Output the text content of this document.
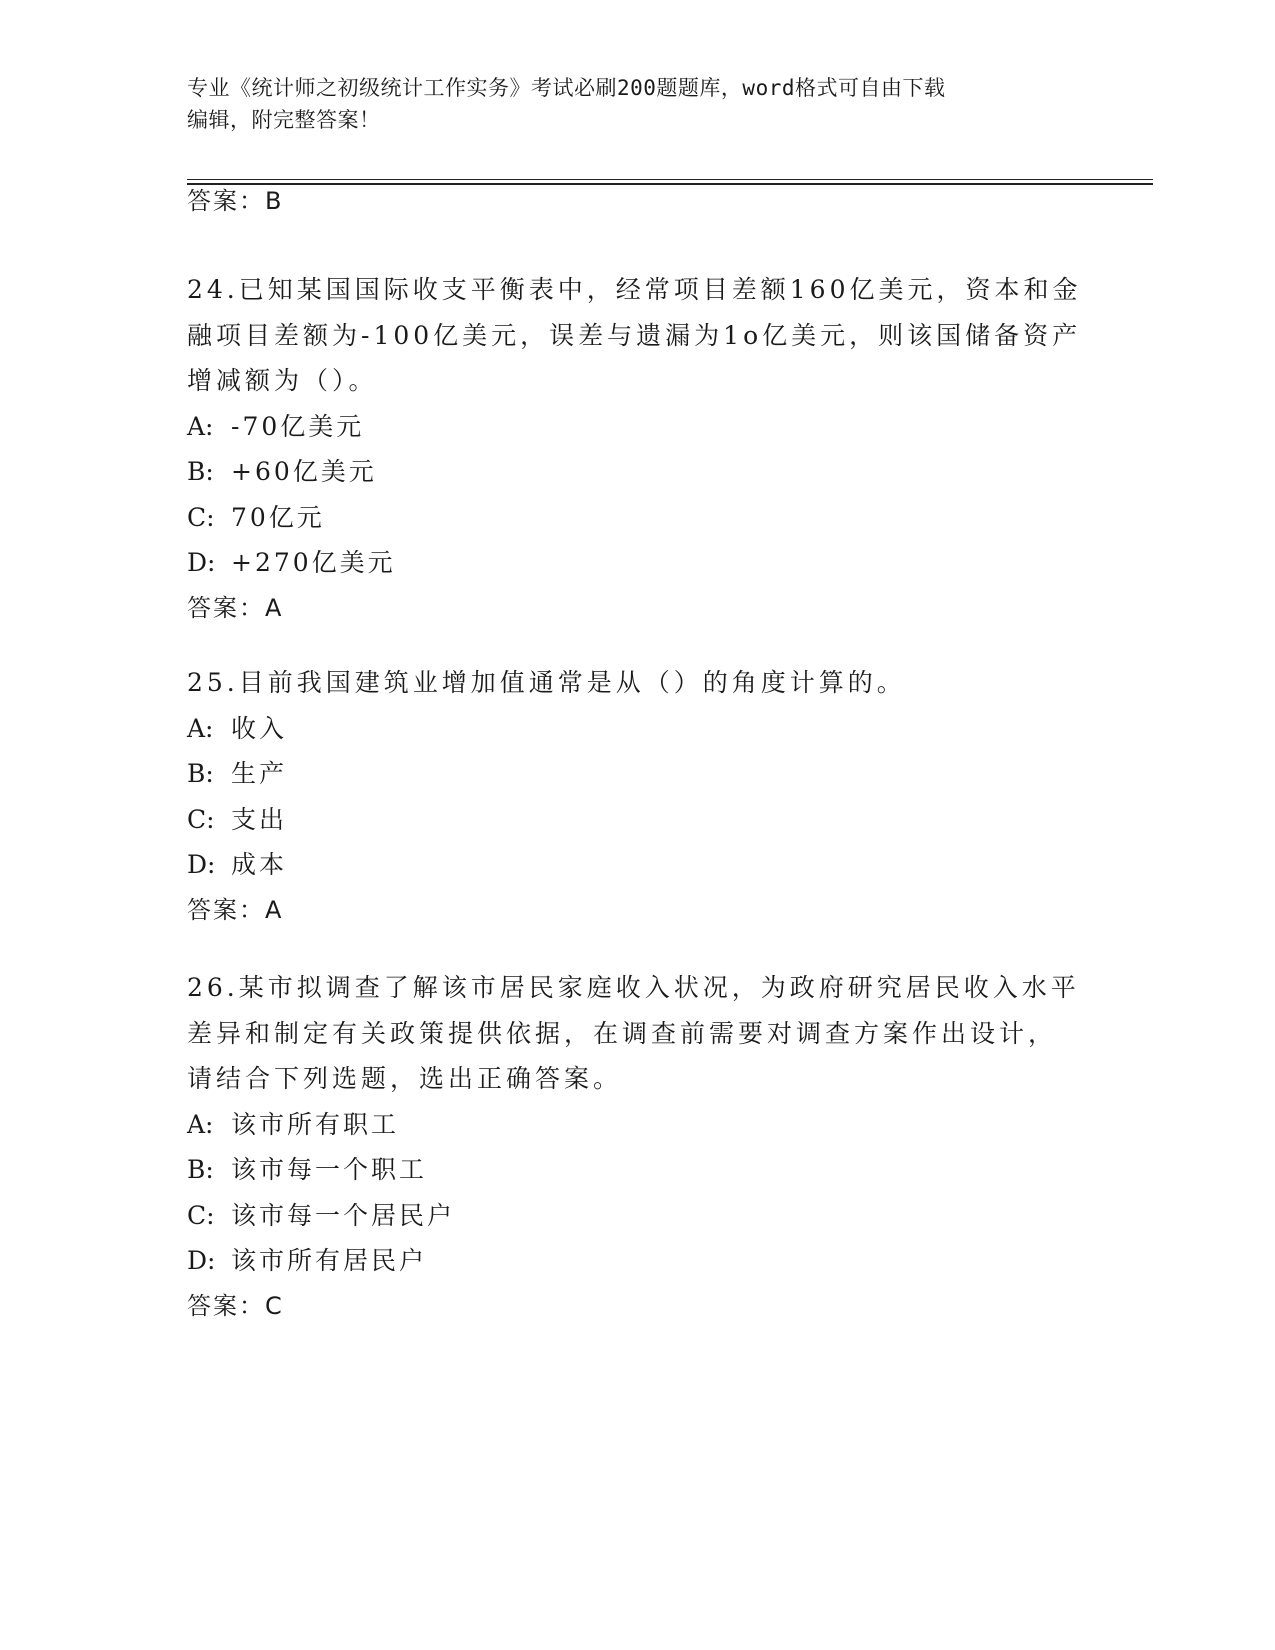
专业《统计师之初级统计工作实务》考试必刷200题题库，word格式可自由下载
编辑，附完整答案！
答案：B

24.已知某国国际收支平衡表中，经常项目差额160亿美元，资本和金

融项目差额为-100亿美元，误差与遗漏为1o亿美元，则该国储备资产

增减额为（）。

A: -70亿美元

B: +60亿美元

C: 70亿元

D: +270亿美元

答案：A

25.目前我国建筑业增加值通常是从（）的角度计算的。

A: 收入

B: 生产

C: 支出

D: 成本

答案：A

26.某市拟调查了解该市居民家庭收入状况，为政府研究居民收入水平

差异和制定有关政策提供依据，在调查前需要对调查方案作出设计，

请结合下列选题，选出正确答案。

A: 该市所有职工

B: 该市每一个职工

C: 该市每一个居民户

D: 该市所有居民户

答案：C
